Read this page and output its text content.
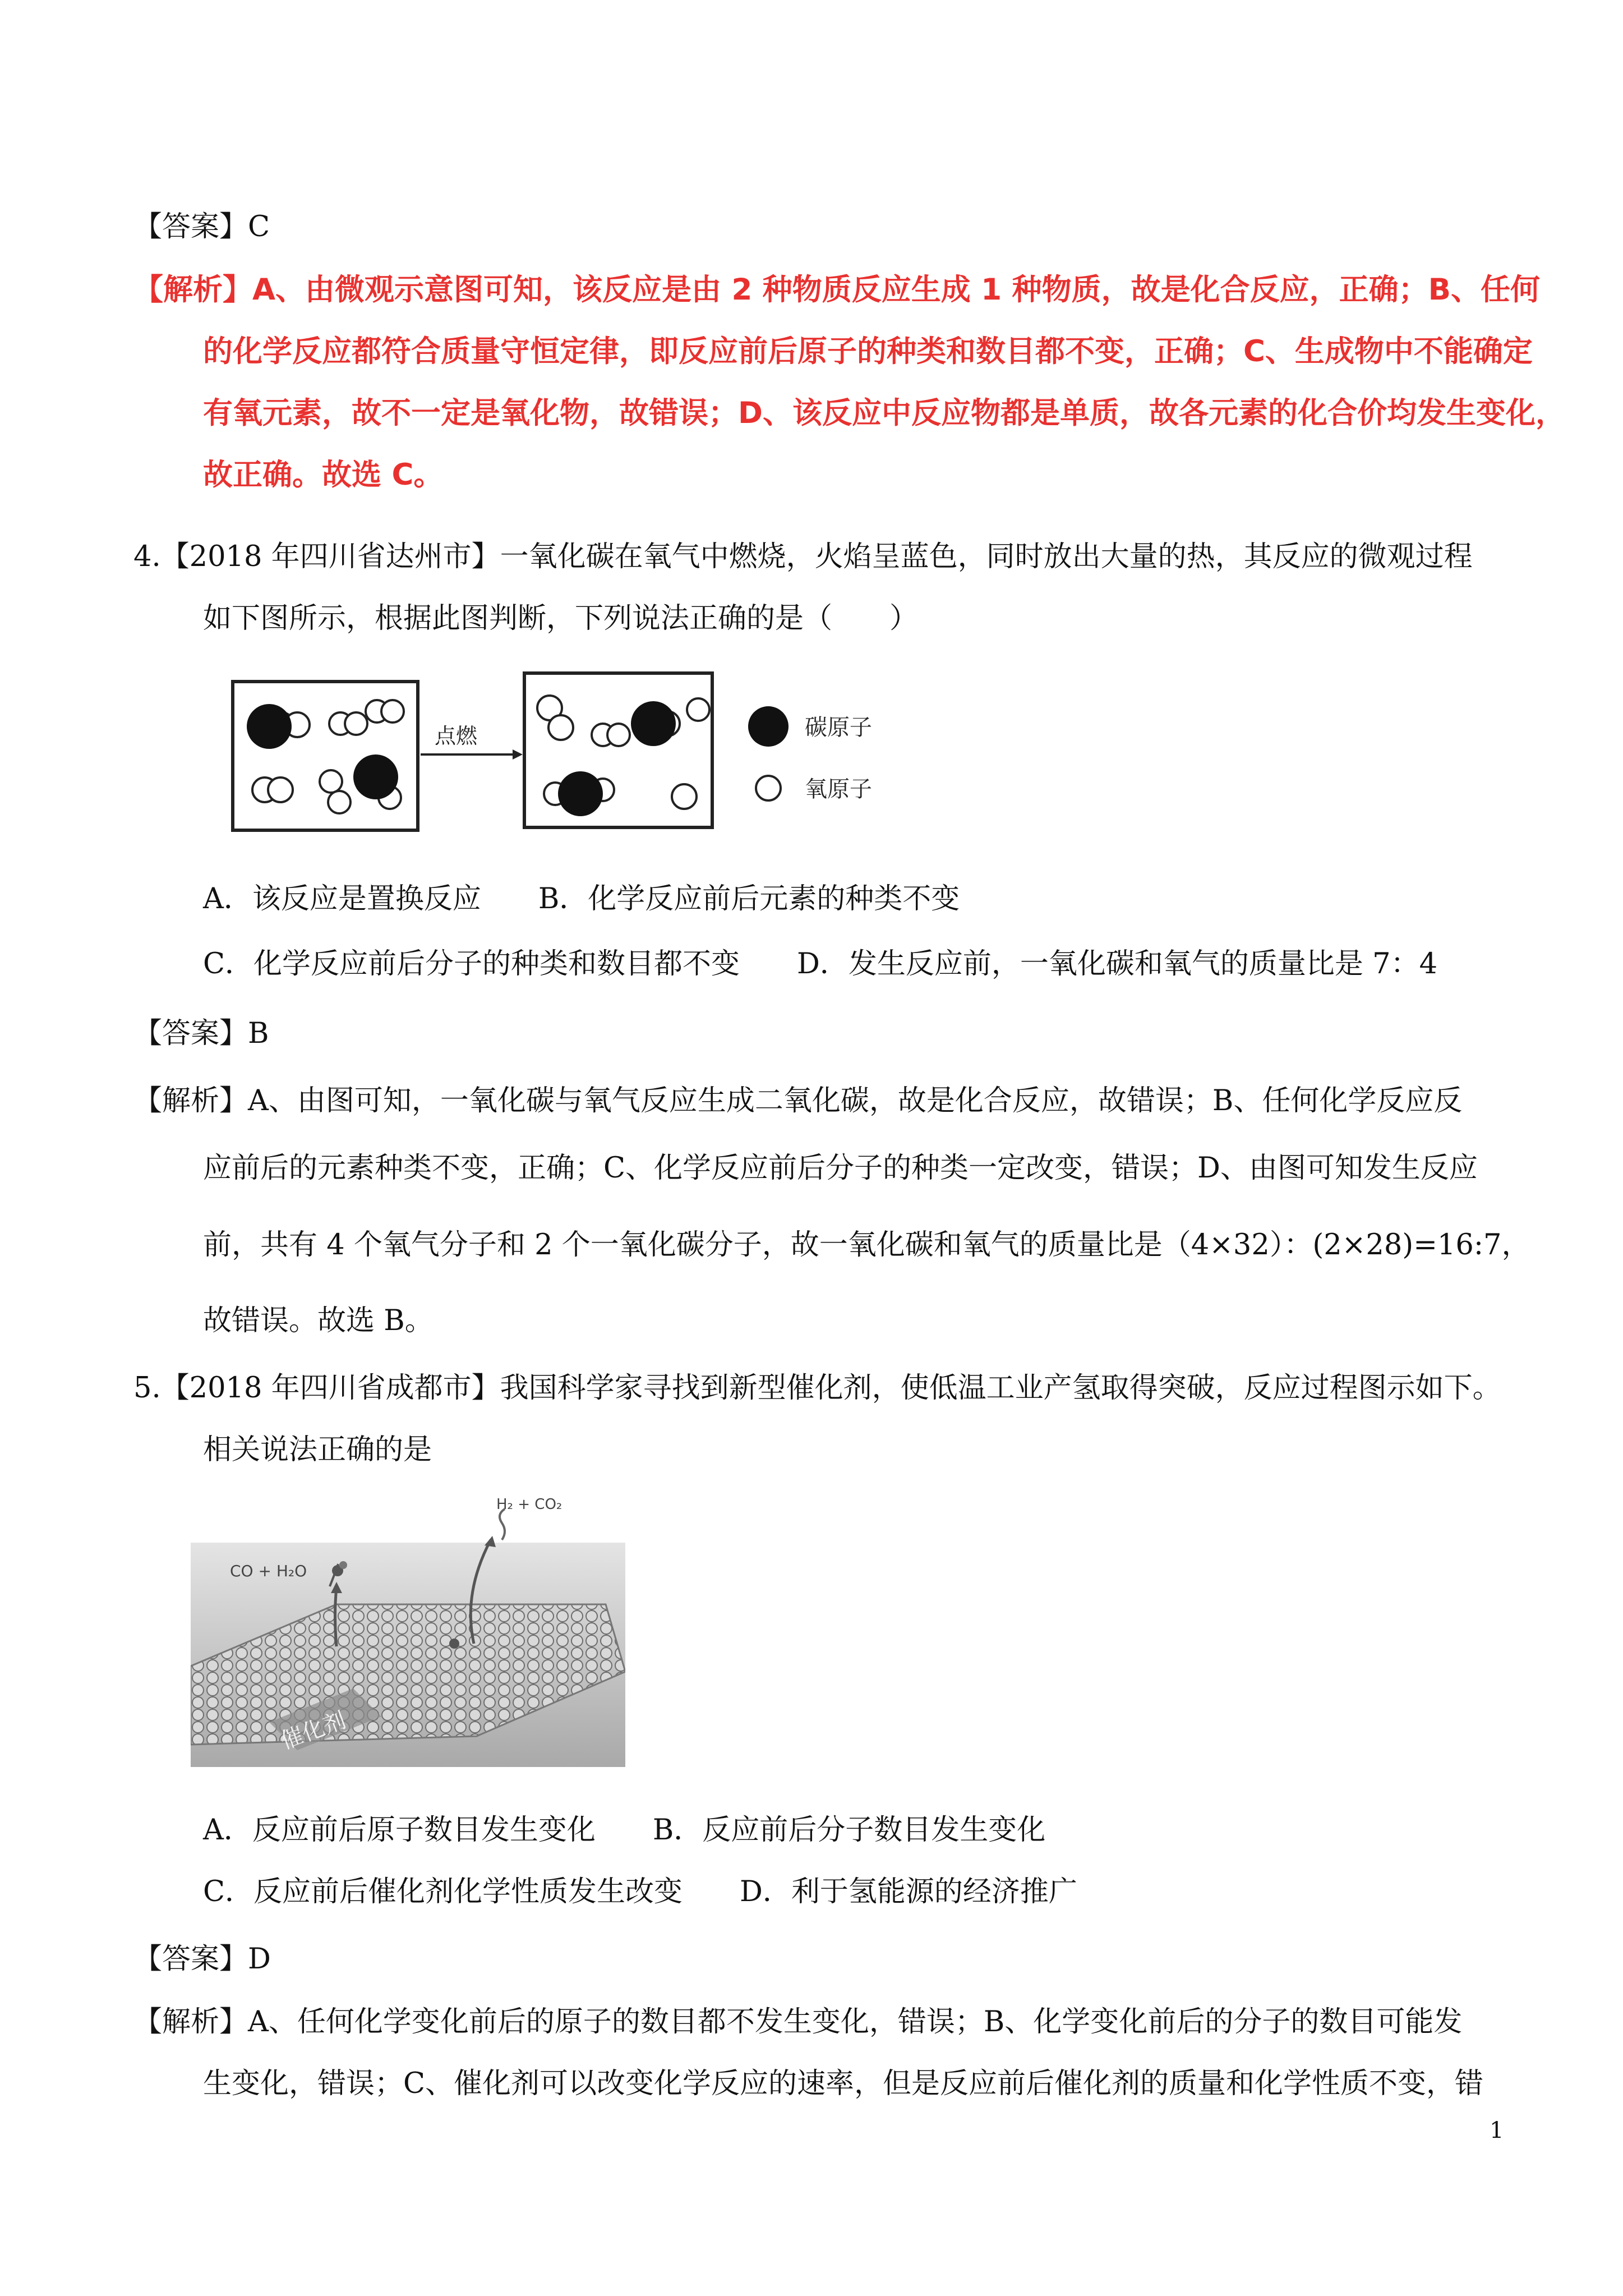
【答案】C
【解析】A、由微观示意图可知，该反应是由 2 种物质反应生成 1 种物质，故是化合反应，正确；B、任何
的化学反应都符合质量守恒定律，即反应前后原子的种类和数目都不变，正确；C、生成物中不能确定
有氧元素，故不一定是氧化物，故错误；D、该反应中反应物都是单质，故各元素的化合价均发生变化，
故正确。故选 C。
4.【2018 年四川省达州市】一氧化碳在氧气中燃烧，火焰呈蓝色，同时放出大量的热，其反应的微观过程
如下图所示，根据此图判断，下列说法正确的是（　　）
点燃	碳原子
氧原子
A．该反应是置换反应　　B．化学反应前后元素的种类不变
C．化学反应前后分子的种类和数目都不变　　D．发生反应前，一氧化碳和氧气的质量比是 7：4
【答案】B
【解析】A、由图可知，一氧化碳与氧气反应生成二氧化碳，故是化合反应，故错误；B、任何化学反应反
应前后的元素种类不变，正确；C、化学反应前后分子的种类一定改变，错误；D、由图可知发生反应
前，共有 4 个氧气分子和 2 个一氧化碳分子，故一氧化碳和氧气的质量比是（4×32）：(2×28)=16:7，
故错误。故选 B。
5.【2018 年四川省成都市】我国科学家寻找到新型催化剂，使低温工业产氢取得突破，反应过程图示如下。
相关说法正确的是
催化剂
CO + H₂O
H₂ + CO₂
A．反应前后原子数目发生变化　　B．反应前后分子数目发生变化
C．反应前后催化剂化学性质发生改变　　D．利于氢能源的经济推广
【答案】D
【解析】A、任何化学变化前后的原子的数目都不发生变化，错误；B、化学变化前后的分子的数目可能发
生变化，错误；C、催化剂可以改变化学反应的速率，但是反应前后催化剂的质量和化学性质不变，错
1
